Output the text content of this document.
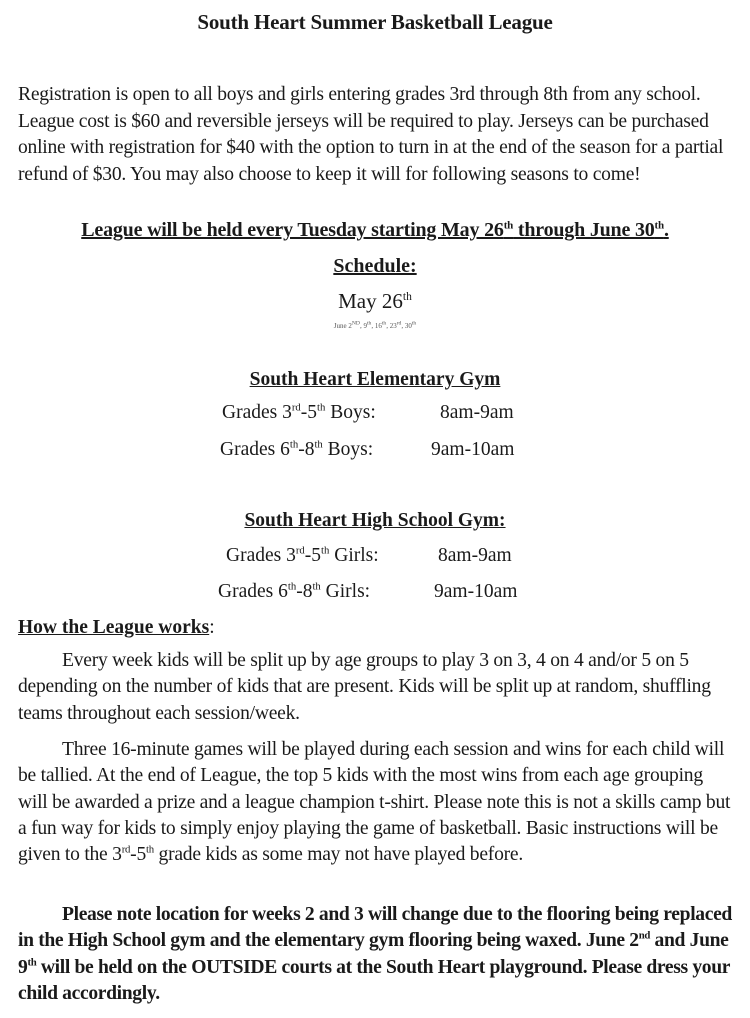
South Heart Summer Basketball League

Registration is open to all boys and girls entering grades 3rd through 8th from any school. League cost is $60 and reversible jerseys will be required to play. Jerseys can be purchased online with registration for $40 with the option to turn in at the end of the season for a partial refund of $30. You may also choose to keep it will for following seasons to come!

League will be held every Tuesday starting May 26th through June 30th.
Schedule:
May 26th
June 2ND, 9th, 16th, 23rd, 30th
South Heart Elementary Gym
Grades 3rd-5th Boys:	8am-9am
Grades 6th-8th Boys:	9am-10am
South Heart High School Gym:
Grades 3rd-5th Girls:	8am-9am
Grades 6th-8th Girls:	9am-10am
How the League works:

Every week kids will be split up by age groups to play 3 on 3, 4 on 4 and/or 5 on 5 depending on the number of kids that are present. Kids will be split up at random, shuffling teams throughout each session/week.

Three 16-minute games will be played during each session and wins for each child will be tallied. At the end of League, the top 5 kids with the most wins from each age grouping will be awarded a prize and a league champion t-shirt. Please note this is not a skills camp but a fun way for kids to simply enjoy playing the game of basketball. Basic instructions will be given to the 3rd-5th grade kids as some may not have played before.

Please note location for weeks 2 and 3 will change due to the flooring being replaced in the High School gym and the elementary gym flooring being waxed. June 2nd and June 9th will be held on the OUTSIDE courts at the South Heart playground. Please dress your child accordingly.
